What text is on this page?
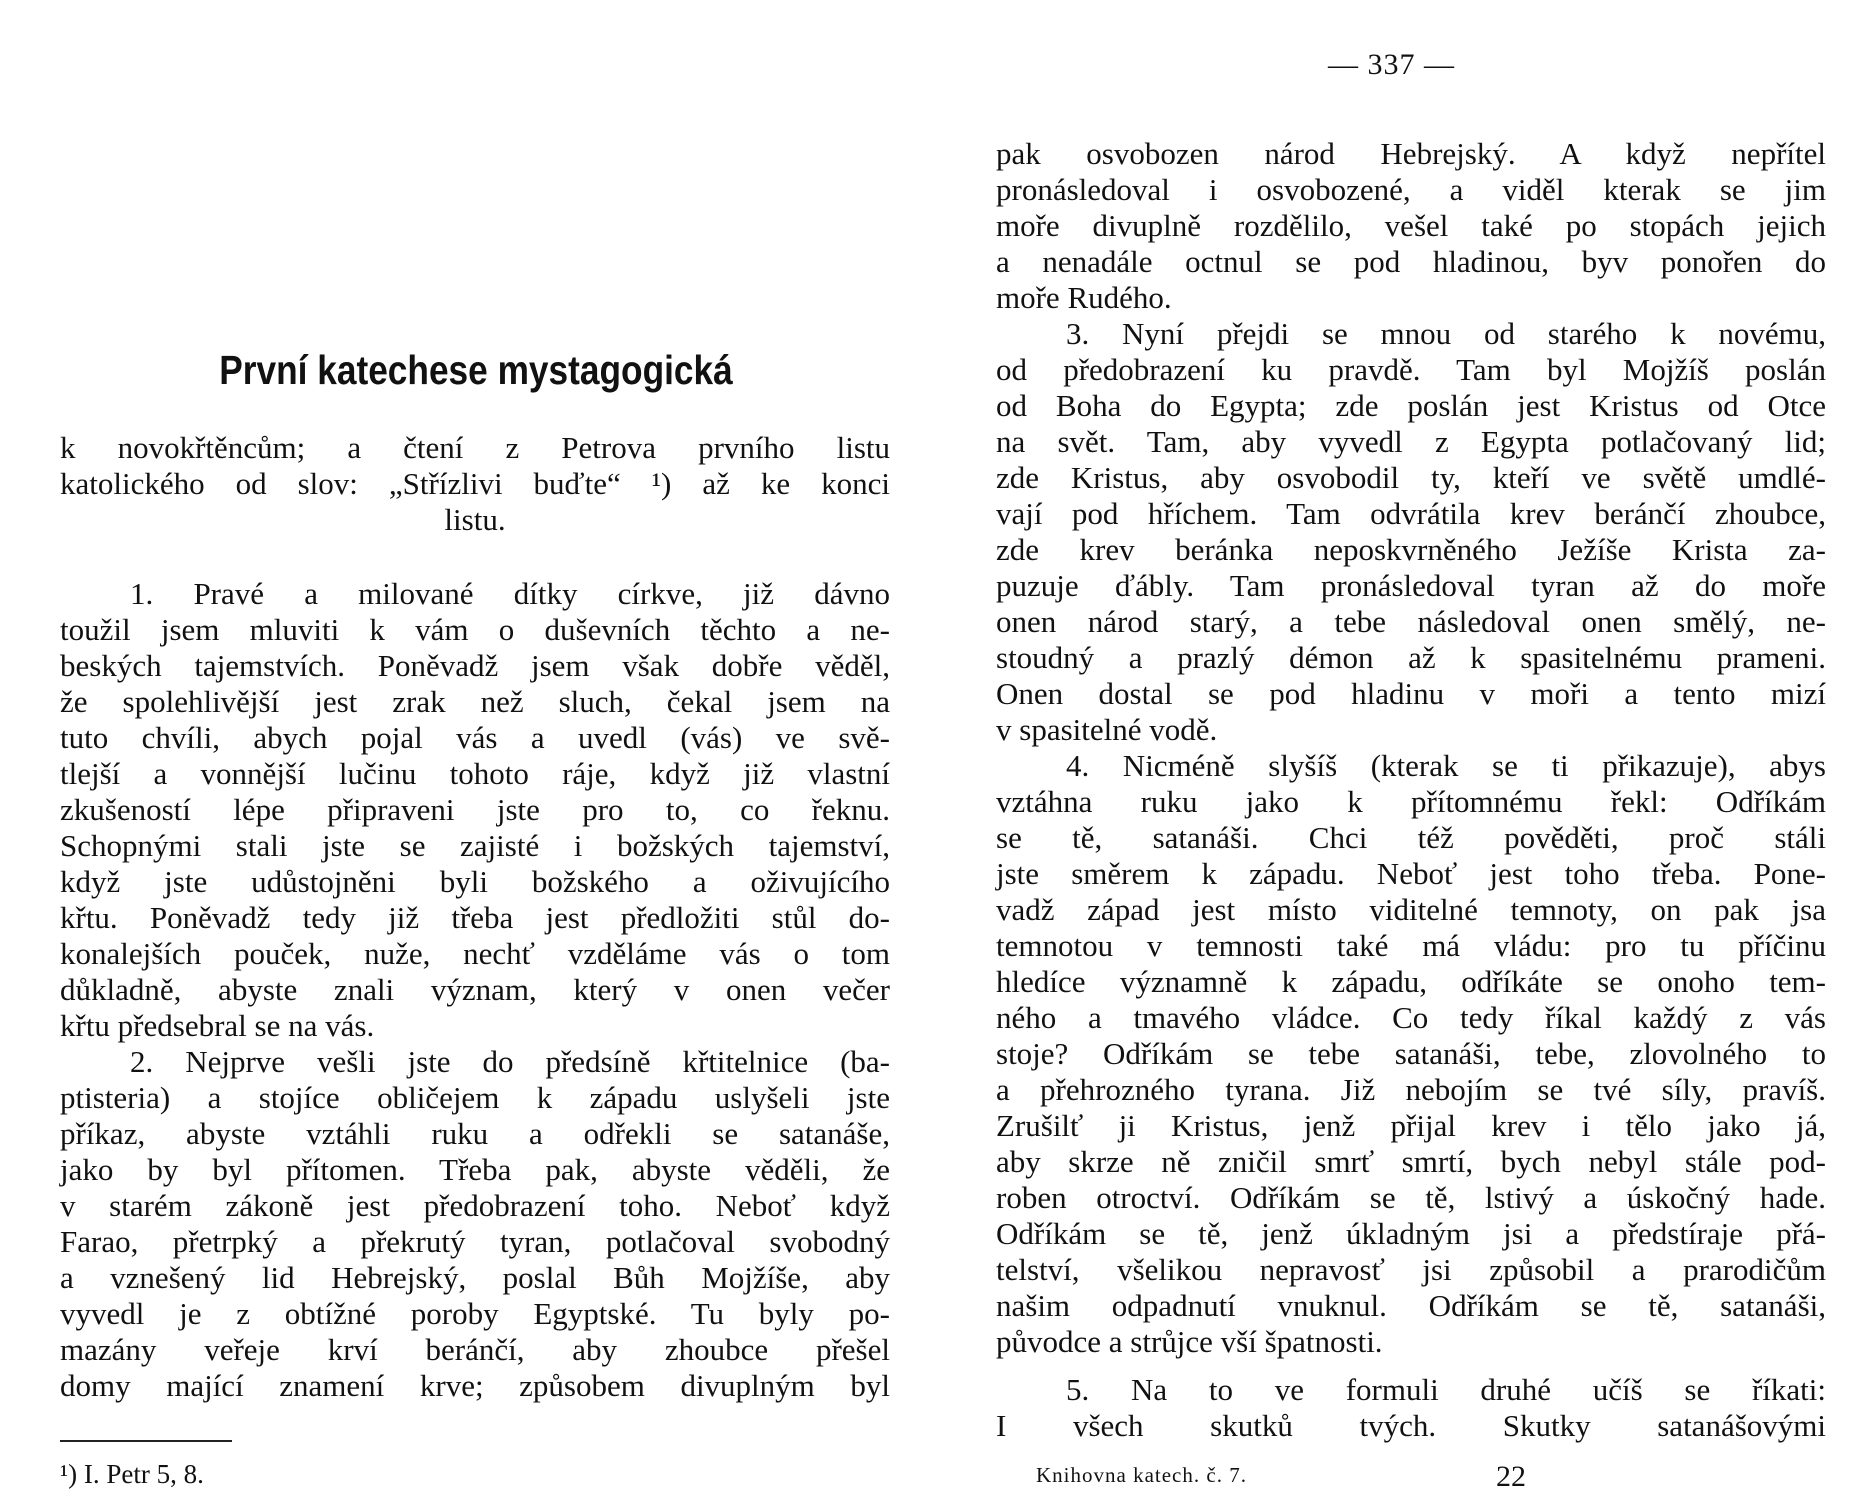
První katechese mystagogická
k novokřtěncům; a čtení z Petrova prvního listu
katolického od slov: „Střízlivi buďte“ ¹) až ke konci
listu.
1. Pravé a milované dítky církve, již dávno
toužil jsem mluviti k vám o duševních těchto a ne-
beských tajemstvích. Poněvadž jsem však dobře věděl,
že spolehlivější jest zrak než sluch, čekal jsem na
tuto chvíli, abych pojal vás a uvedl (vás) ve svě-
tlejší a vonnější lučinu tohoto ráje, když již vlastní
zkušeností lépe připraveni jste pro to, co řeknu.
Schopnými stali jste se zajisté i božských tajemství,
když jste udůstojněni byli božského a oživujícího
křtu. Poněvadž tedy již třeba jest předložiti stůl do-
konalejších pouček, nuže, nechť vzděláme vás o tom
důkladně, abyste znali význam, který v onen večer
křtu předsebral se na vás.
2. Nejprve vešli jste do předsíně křtitelnice (ba-
ptisteria) a stojíce obličejem k západu uslyšeli jste
příkaz, abyste vztáhli ruku a odřekli se satanáše,
jako by byl přítomen. Třeba pak, abyste věděli, že
v starém zákoně jest předobrazení toho. Neboť když
Farao, přetrpký a překrutý tyran, potlačoval svobodný
a vznešený lid Hebrejský, poslal Bůh Mojžíše, aby
vyvedl je z obtížné poroby Egyptské. Tu byly po-
mazány veřeje krví beránčí, aby zhoubce přešel
domy mající znamení krve; způsobem divuplným byl
¹) I. Petr 5, 8.
— 337 —
pak osvobozen národ Hebrejský. A když nepřítel
pronásledoval i osvobozené, a viděl kterak se jim
moře divuplně rozdělilo, vešel také po stopách jejich
a nenadále octnul se pod hladinou, byv ponořen do
moře Rudého.
3. Nyní přejdi se mnou od starého k novému,
od předobrazení ku pravdě. Tam byl Mojžíš poslán
od Boha do Egypta; zde poslán jest Kristus od Otce
na svět. Tam, aby vyvedl z Egypta potlačovaný lid;
zde Kristus, aby osvobodil ty, kteří ve světě umdlé-
vají pod hříchem. Tam odvrátila krev beránčí zhoubce,
zde krev beránka neposkvrněného Ježíše Krista za-
puzuje ďábly. Tam pronásledoval tyran až do moře
onen národ starý, a tebe následoval onen smělý, ne-
stoudný a prazlý démon až k spasitelnému prameni.
Onen dostal se pod hladinu v moři a tento mizí
v spasitelné vodě.
4. Nicméně slyšíš (kterak se ti přikazuje), abys
vztáhna ruku jako k přítomnému řekl: Odříkám
se tě, satanáši. Chci též pověděti, proč stáli
jste směrem k západu. Neboť jest toho třeba. Pone-
vadž západ jest místo viditelné temnoty, on pak jsa
temnotou v temnosti také má vládu: pro tu příčinu
hledíce významně k západu, odříkáte se onoho tem-
ného a tmavého vládce. Co tedy říkal každý z vás
stoje? Odříkám se tebe satanáši, tebe, zlovolného to
a přehrozného tyrana. Již nebojím se tvé síly, pravíš.
Zrušilť ji Kristus, jenž přijal krev i tělo jako já,
aby skrze ně zničil smrť smrtí, bych nebyl stále pod-
roben otroctví. Odříkám se tě, lstivý a úskočný hade.
Odříkám se tě, jenž úkladným jsi a předstíraje přá-
telství, všelikou nepravosť jsi způsobil a prarodičům
našim odpadnutí vnuknul. Odříkám se tě, satanáši,
původce a strůjce vší špatnosti.
5. Na to ve formuli druhé učíš se říkati:
I všech skutků tvých. Skutky satanášovými
Knihovna katech. č. 7.	22
